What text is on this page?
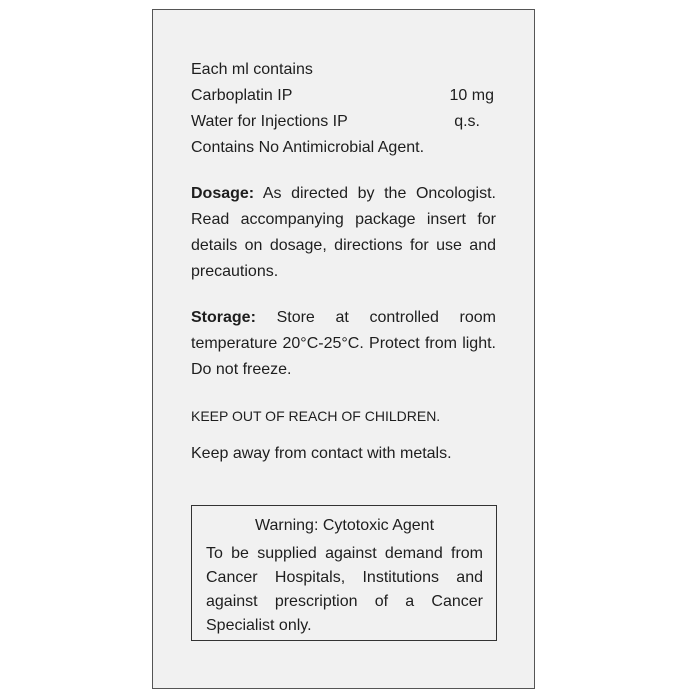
Each ml contains
Carboplatin IP	10 mg
Water for Injections IP	q.s.
Contains No Antimicrobial Agent.
Dosage: As directed by the Oncologist. Read accompanying package insert for details on dosage, directions for use and precautions.
Storage: Store at controlled room temperature 20°C-25°C. Protect from light. Do not freeze.
KEEP OUT OF REACH OF CHILDREN.
Keep away from contact with metals.
Warning: Cytotoxic Agent
To be supplied against demand from Cancer Hospitals, Institutions and against prescription of a Cancer Specialist only.
